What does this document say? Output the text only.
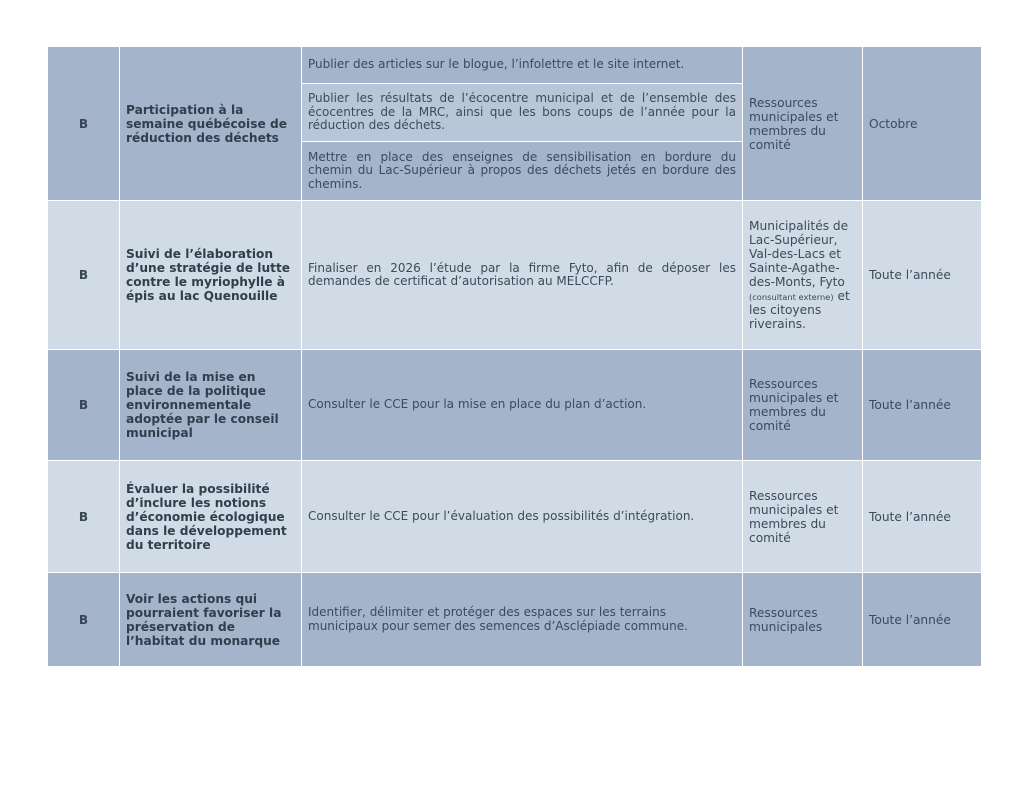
B	Participation à la semaine québécoise de réduction des déchets	Publier des articles sur le blogue, l’infolettre et le site internet.	Ressources municipales et membres du comité	Octobre
		Publier les résultats de l’écocentre municipal et de l’ensemble des écocentres de la MRC, ainsi que les bons coups de l’année pour la réduction des déchets.		
		Mettre en place des enseignes de sensibilisation en bordure du chemin du Lac-Supérieur à propos des déchets jetés en bordure des chemins.		
B	Suivi de l’élaboration d’une stratégie de lutte contre le myriophylle à épis au lac Quenouille	Finaliser en 2026 l’étude par la firme Fyto, afin de déposer les demandes de certificat d’autorisation au MELCCFP.	Municipalités de Lac-Supérieur, Val-des-Lacs et Sainte-Agathe-des-Monts, Fyto (consultant externe) et les citoyens riverains.	Toute l’année
B	Suivi de la mise en place de la politique environnementale adoptée par le conseil municipal	Consulter le CCE pour la mise en place du plan d’action.	Ressources municipales et membres du comité	Toute l’année
B	Évaluer la possibilité d’inclure les notions d’économie écologique dans le développement du territoire	Consulter le CCE pour l’évaluation des possibilités d’intégration.	Ressources municipales et membres du comité	Toute l’année
B	Voir les actions qui pourraient favoriser la préservation de l’habitat du monarque	Identifier, délimiter et protéger des espaces sur les terrains municipaux pour semer des semences d’Asclépiade commune.	Ressources municipales	Toute l’année
